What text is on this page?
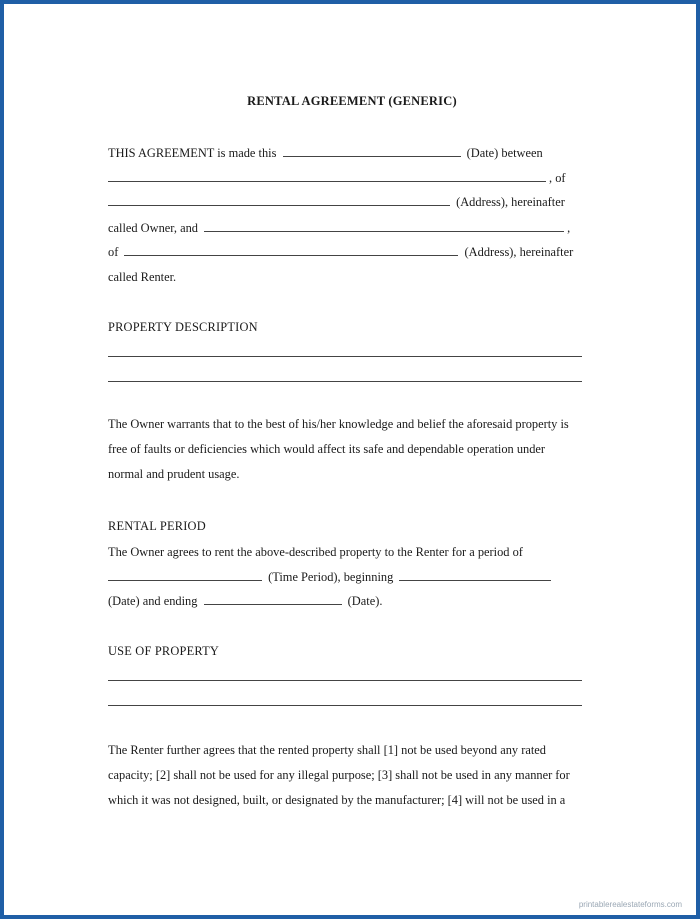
RENTAL AGREEMENT (GENERIC)
THIS AGREEMENT is made this	(Date) between
, of
(Address), hereinafter
called Owner, and	,
of	(Address), hereinafter
called Renter.
PROPERTY DESCRIPTION
The Owner warrants that to the best of his/her knowledge and belief the aforesaid property is
free of faults or deficiencies which would affect its safe and dependable operation under
normal and prudent usage.
RENTAL PERIOD
The Owner agrees to rent the above-described property to the Renter for a period of
(Time Period), beginning
(Date) and ending	(Date).
USE OF PROPERTY
The Renter further agrees that the rented property shall [1] not be used beyond any rated
capacity; [2] shall not be used for any illegal purpose; [3] shall not be used in any manner for
which it was not designed, built, or designated by the manufacturer; [4] will not be used in a
printablerealestateforms.com
